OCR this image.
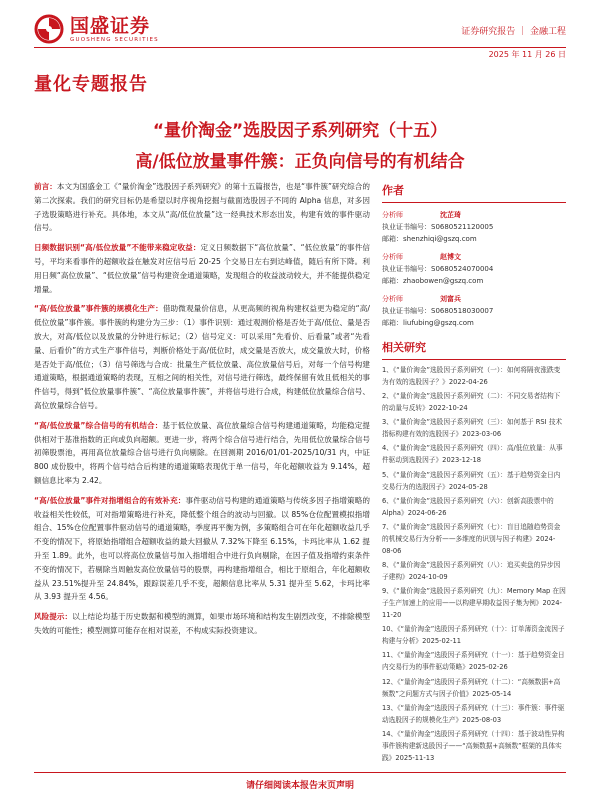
国盛证券
GUOSHENG SECURITIES
证券研究报告 ｜ 金融工程
2025 年 11 月 26 日
量化专题报告
“量价淘金”选股因子系列研究（十五）
高/低位放量事件簇：正负向信号的有机结合

前言：本文为国盛金工《“量价淘金”选股因子系列研究》的第十五篇报告，也是“事件簇”研究综合的第二次探索。我们的研究目标仍是希望以时序视角挖掘与截面选股因子不同的 Alpha 信息，对多因子选股策略进行补充。具体地，本文从“高/低位放量”这一经典技术形态出发，构建有效的事件驱动信号。

日频数据识别“高/低位放量”不能带来稳定收益：定义日频数据下“高位放量”、“低位放量”的事件信号，平均来看事件的超额收益在触发对应信号后 20-25 个交易日左右到达峰值，随后有所下降。利用日频“高位放量”、“低位放量”信号构建资金通道策略，发现组合的收益波动较大，并不能提供稳定增量。

“高/低位放量”事件簇的规模化生产：借助微观量价信息，从更高频的视角构建权益更为稳定的“高/低位放量”事件簇。事件簇的构建分为三步：（1）事件识别：通过观测价格是否处于高/低位、量是否放大，对高/低位以及放量的分钟进行标记；（2）信号定义：可以采用“先看价、后看量”或者“先看量、后看价”的方式生产事件信号，判断价格处于高/低位时，成交量是否放大，成交量放大时，价格是否处于高/低位；（3）信号筛选与合成：批量生产低位放量、高位放量信号后，对每一个信号构建通道策略，根据通道策略的表现，互相之间的相关性，对信号进行筛选，最终保留有效且低相关的事件信号，得到“低位放量事件簇”、“高位放量事件簇”，并将信号进行合成，构建低位放量综合信号、高位放量综合信号。

“高/低位放量”综合信号的有机结合：基于低位放量、高位放量综合信号构建通道策略，均能稳定提供相对于基准指数的正向或负向超额。更进一步，将两个综合信号进行结合，先用低位放量综合信号初筛股票池，再用高位放量综合信号进行负向剔除。在回测期 2016/01/01-2025/10/31 内，中证 800 成份股中，将两个信号结合后构建的通道策略表现优于单一信号，年化超额收益为 9.14%，超额信息比率为 2.42。

“高/低位放量”事件对指增组合的有效补充：事件驱动信号构建的通道策略与传统多因子指增策略的收益相关性较低，可对指增策略进行补充，降低整个组合的波动与回撤。以 85%仓位配置模拟指增组合、15%仓位配置事件驱动信号的通道策略，季度再平衡为例，多策略组合可在年化超额收益几乎不变的情况下，将原始指增组合超额收益的最大回撤从 7.32%下降至 6.15%，卡玛比率从 1.62 提升至 1.89。此外，也可以将高位放量信号加入指增组合中进行负向剔除，在因子值及指增约束条件不变的情况下，若剔除当周触发高位放量信号的股票，再构建指增组合，相比于原组合，年化超额收益从 23.51%提升至 24.84%，跟踪误差几乎不变，超额信息比率从 5.31 提升至 5.62，卡玛比率从 3.93 提升至 4.56。

风险提示：以上结论均基于历史数据和模型的测算，如果市场环境和结构发生剧烈改变，不排除模型失效的可能性；模型测算可能存在相对误差，不构成实际投资建议。

作者
分析师	沈芷琦
执业证书编号：S0680521120005
邮箱：shenzhiqi@gszq.com
分析师	赵博文
执业证书编号：S0680524070004
邮箱：zhaobowen@gszq.com
分析师	刘富兵
执业证书编号：S0680518030007
邮箱：liufubing@gszq.com
相关研究
1、《“量价淘金”选股因子系列研究（一）：如何将隔夜涨跌变为有效的选股因子？》2022-04-26
2、《“量价淘金”选股因子系列研究（二）：不同交易者结构下的动量与反转》2022-10-24
3、《“量价淘金”选股因子系列研究（三）：如何基于 RSI 技术指标构建有效的选股因子》2023-03-06
4、《“量价淘金”选股因子系列研究（四）：高/低位放量：从事件驱动到选股因子》2023-12-18
5、《“量价淘金”选股因子系列研究（五）：基于趋势资金日内交易行为的选股因子》2024-05-28
6、《“量价淘金”选股因子系列研究（六）：创新高股票中的 Alpha》2024-06-26
7、《“量价淘金”选股因子系列研究（七）：盲目追随趋势资金的机械交易行为分析——多维度的识别与因子构建》2024-08-06
8、《“量价淘金”选股因子系列研究（八）：追买卖盘的异步因子建构》2024-10-09
9、《“量价淘金”选股因子系列研究（九）：Memory Map 在因子生产加速上的应用——以构建早期收益因子集为例》2024-11-20
10、《“量价淘金”选股因子系列研究（十）：订单薄资金流因子构建与分析》2025-02-11
11、《“量价淘金”选股因子系列研究（十一）：基于趋势资金日内交易行为的事件驱动策略》2025-02-26
12、《“量价淘金”选股因子系列研究（十二）：“高频数据+高频数”之问题方式与因子价值》2025-05-14
13、《“量价淘金”选股因子系列研究（十三）：事件簇：事件驱动选股因子的规模化生产》2025-08-03
14、《“量价淘金”选股因子系列研究（十四）：基于波动性异构事件簇构建新选股因子——“高频数据+高频数”框架的具体实践》2025-11-13
请仔细阅读本报告末页声明
